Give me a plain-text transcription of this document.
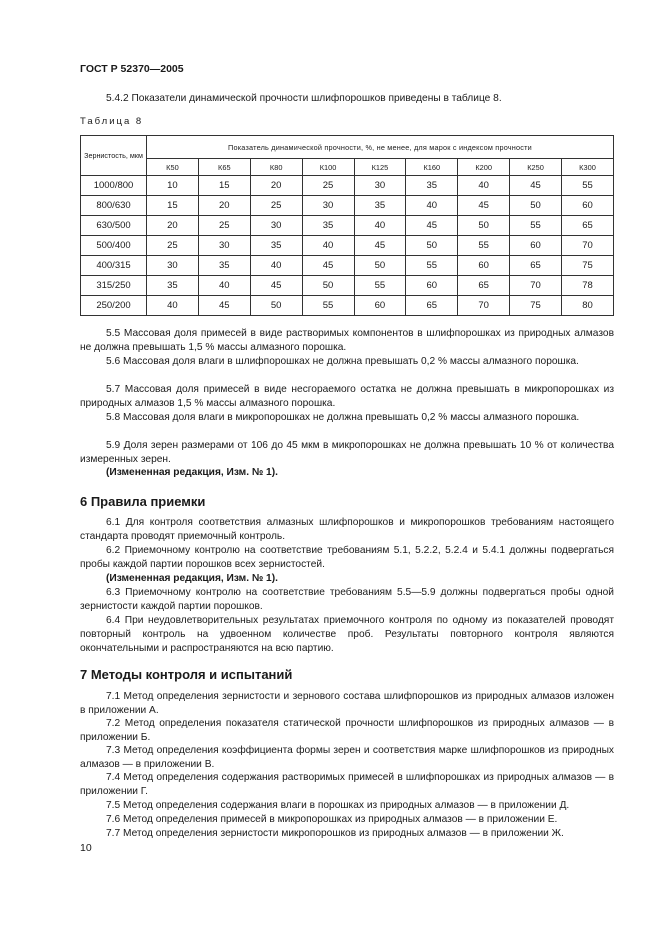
ГОСТ Р 52370—2005

5.4.2 Показатели динамической прочности шлифпорошков приведены в таблице 8.

Таблица 8
Зернистость, мкм	Показатель динамической прочности, %, не менее, для марок с индексом прочности								
	К50	К65	К80	К100	К125	К160	К200	К250	К300
1000/800	10	15	20	25	30	35	40	45	55
800/630	15	20	25	30	35	40	45	50	60
630/500	20	25	30	35	40	45	50	55	65
500/400	25	30	35	40	45	50	55	60	70
400/315	30	35	40	45	50	55	60	65	75
315/250	35	40	45	50	55	60	65	70	78
250/200	40	45	50	55	60	65	70	75	80

5.5 Массовая доля примесей в виде растворимых компонентов в шлифпорошках из природных алмазов не должна превышать 1,5 % массы алмазного порошка.

5.6 Массовая доля влаги в шлифпорошках не должна превышать 0,2 % массы алмазного порошка.

5.7 Массовая доля примесей в виде несгораемого остатка не должна превышать в микропорошках из природных алмазов 1,5 % массы алмазного порошка.

5.8 Массовая доля влаги в микропорошках не должна превышать 0,2 % массы алмазного порошка.

5.9 Доля зерен размерами от 106 до 45 мкм в микропорошках не должна превышать 10 % от количества измеренных зерен.

(Измененная редакция, Изм. № 1).

6 Правила приемки

6.1 Для контроля соответствия алмазных шлифпорошков и микропорошков требованиям настоящего стандарта проводят приемочный контроль.

6.2 Приемочному контролю на соответствие требованиям 5.1, 5.2.2, 5.2.4 и 5.4.1 должны подвергаться пробы каждой партии порошков всех зернистостей.

(Измененная редакция, Изм. № 1).

6.3 Приемочному контролю на соответствие требованиям 5.5—5.9 должны подвергаться пробы одной зернистости каждой партии порошков.

6.4 При неудовлетворительных результатах приемочного контроля по одному из показателей проводят повторный контроль на удвоенном количестве проб. Результаты повторного контроля являются окончательными и распространяются на всю партию.

7 Методы контроля и испытаний

7.1 Метод определения зернистости и зернового состава шлифпорошков из природных алмазов изложен в приложении А.

7.2 Метод определения показателя статической прочности шлифпорошков из природных алмазов — в приложении Б.

7.3 Метод определения коэффициента формы зерен и соответствия марке шлифпорошков из природных алмазов — в приложении В.

7.4 Метод определения содержания растворимых примесей в шлифпорошках из природных алмазов — в приложении Г.

7.5 Метод определения содержания влаги в порошках из природных алмазов — в приложении Д.

7.6 Метод определения примесей в микропорошках из природных алмазов — в приложении Е.

7.7 Метод определения зернистости микропорошков из природных алмазов — в приложении Ж.

10
